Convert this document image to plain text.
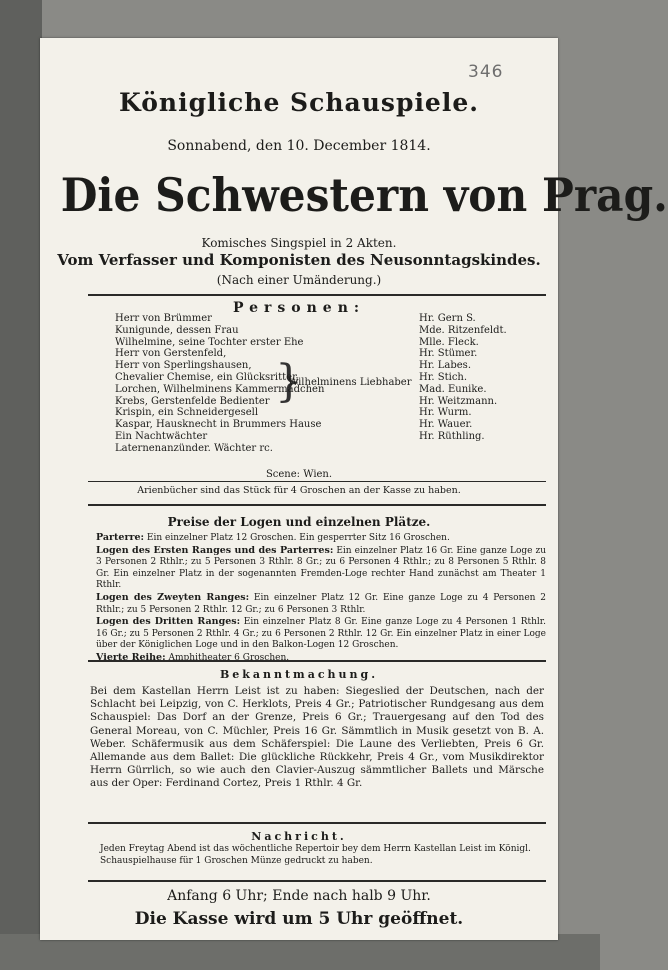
Königliche Schauspiele.
Sonnabend, den 10. December 1814.
Die Schwestern von Prag.
Komisches Singspiel in 2 Akten.
Vom Verfasser und Komponisten des Neusonntagskindes.
(Nach einer Umänderung.)
Personen:
}
Wilhelminens Liebhaber
Herr von Brümmer	Hr. Gern S.
Kunigunde, dessen Frau	Mde. Ritzenfeldt.
Wilhelmine, seine Tochter erster Ehe	Mlle. Fleck.
Herr von Gerstenfeld,	Hr. Stümer.
Herr von Sperlingshausen,	Hr. Labes.
Chevalier Chemise, ein Glücksritter,	Hr. Stich.
Lorchen, Wilhelminens Kammermädchen	Mad. Eunike.
Krebs, Gerstenfelde Bedienter	Hr. Weitzmann.
Krispin, ein Schneidergesell	Hr. Wurm.
Kaspar, Hausknecht in Brummers Hause	Hr. Wauer.
Ein Nachtwächter	Hr. Rüthling.
Laternenanzünder. Wächter rc.
Scene: Wien.
Arienbücher sind das Stück für 4 Groschen an der Kasse zu haben.
Preise der Logen und einzelnen Plätze.
Parterre: Ein einzelner Platz 12 Groschen. Ein gesperrter Sitz 16 Groschen.
Logen des Ersten Ranges und des Parterres: Ein einzelner Platz 16 Gr. Eine ganze Loge zu 3 Personen 2 Rthlr.; zu 5 Personen 3 Rthlr. 8 Gr.; zu 6 Personen 4 Rthlr.; zu 8 Personen 5 Rthlr. 8 Gr. Ein einzelner Platz in der sogenannten Fremden-Loge rechter Hand zunächst am Theater 1 Rthlr.
Logen des Zweyten Ranges: Ein einzelner Platz 12 Gr. Eine ganze Loge zu 4 Personen 2 Rthlr.; zu 5 Personen 2 Rthlr. 12 Gr.; zu 6 Personen 3 Rthlr.
Logen des Dritten Ranges: Ein einzelner Platz 8 Gr. Eine ganze Loge zu 4 Personen 1 Rthlr. 16 Gr.; zu 5 Personen 2 Rthlr. 4 Gr.; zu 6 Personen 2 Rthlr. 12 Gr. Ein einzelner Platz in einer Loge über der Königlichen Loge und in den Balkon-Logen 12 Groschen.
Vierte Reihe: Amphitheater 6 Groschen.
Bekanntmachung.
Bei dem Kastellan Herrn Leist ist zu haben: Siegeslied der Deutschen, nach der Schlacht bei Leipzig, von C. Herklots, Preis 4 Gr.; Patriotischer Rundgesang aus dem Schauspiel: Das Dorf an der Grenze, Preis 6 Gr.; Trauergesang auf den Tod des General Moreau, von C. Müchler, Preis 16 Gr. Sämmtlich in Musik gesetzt von B. A. Weber. Schäfermusik aus dem Schäferspiel: Die Laune des Verliebten, Preis 6 Gr. Allemande aus dem Ballet: Die glückliche Rückkehr, Preis 4 Gr., vom Musikdirektor Herrn Gürrlich, so wie auch den Clavier-Auszug sämmtlicher Ballets und Märsche aus der Oper: Ferdinand Cortez, Preis 1 Rthlr. 4 Gr.
Nachricht.
Jeden Freytag Abend ist das wöchentliche Repertoir bey dem Herrn Kastellan Leist im Königl. Schauspielhause für 1 Groschen Münze gedruckt zu haben.
Anfang 6 Uhr; Ende nach halb 9 Uhr.
Die Kasse wird um 5 Uhr geöffnet.
346
